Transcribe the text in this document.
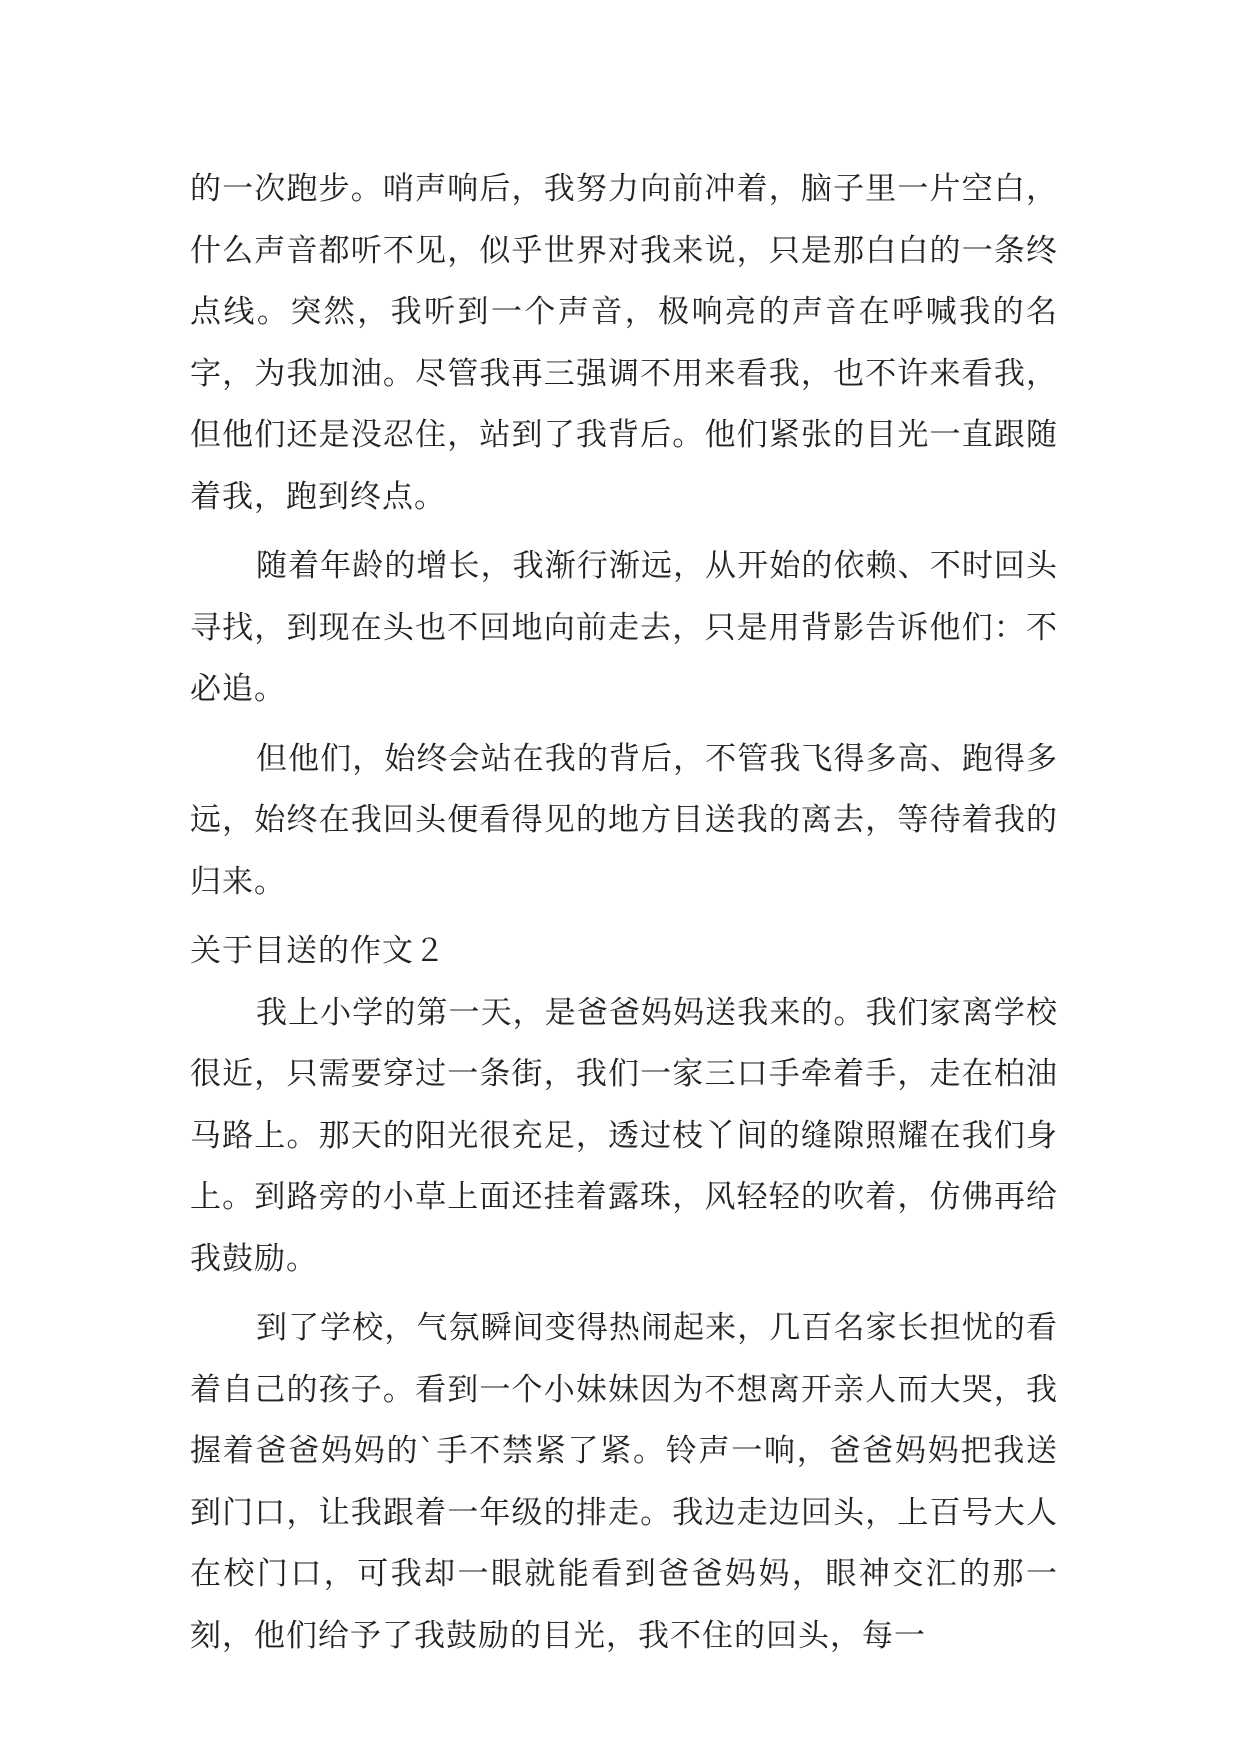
的一次跑步。哨声响后，我努力向前冲着，脑子里一片空白，什么声音都听不见，似乎世界对我来说，只是那白白的一条终点线。突然，我听到一个声音，极响亮的声音在呼喊我的名字，为我加油。尽管我再三强调不用来看我，也不许来看我，但他们还是没忍住，站到了我背后。他们紧张的目光一直跟随着我，跑到终点。

随着年龄的增长，我渐行渐远，从开始的依赖、不时回头寻找，到现在头也不回地向前走去，只是用背影告诉他们：不必追。

但他们，始终会站在我的背后，不管我飞得多高、跑得多远，始终在我回头便看得见的地方目送我的离去，等待着我的归来。

关于目送的作文２

我上小学的第一天，是爸爸妈妈送我来的。我们家离学校很近，只需要穿过一条街，我们一家三口手牵着手，走在柏油马路上。那天的阳光很充足，透过枝丫间的缝隙照耀在我们身上。到路旁的小草上面还挂着露珠，风轻轻的吹着，仿佛再给我鼓励。

到了学校，气氛瞬间变得热闹起来，几百名家长担忧的看着自己的孩子。看到一个小妹妹因为不想离开亲人而大哭，我握着爸爸妈妈的`手不禁紧了紧。铃声一响，爸爸妈妈把我送到门口，让我跟着一年级的排走。我边走边回头，上百号大人在校门口，可我却一眼就能看到爸爸妈妈，眼神交汇的那一刻，他们给予了我鼓励的目光，我不住的回头，每一
